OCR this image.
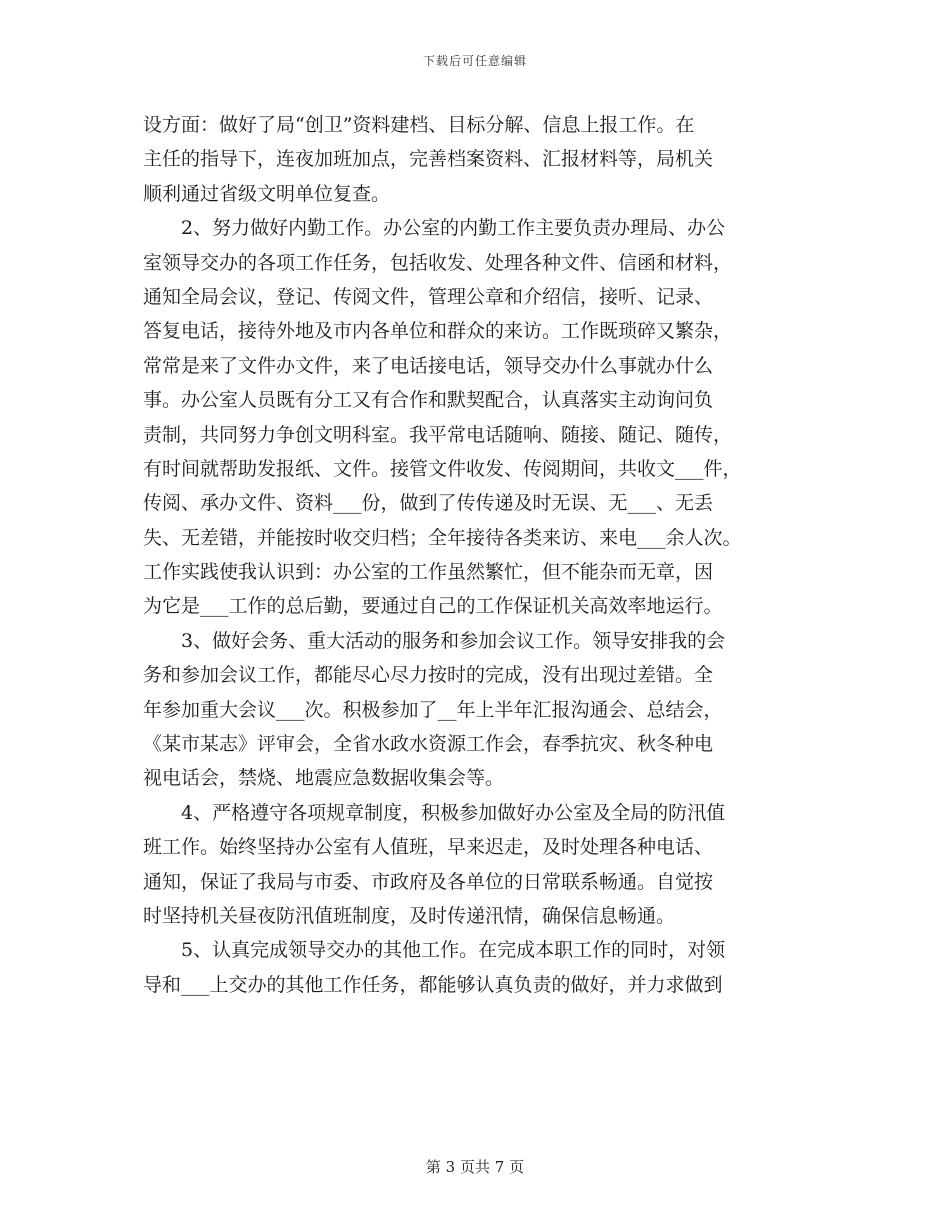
下载后可任意编辑
设方面：做好了局“创卫”资料建档、目标分解、信息上报工作。在
主任的指导下，连夜加班加点，完善档案资料、汇报材料等，局机关
顺利通过省级文明单位复查。
2、努力做好内勤工作。办公室的内勤工作主要负责办理局、办公
室领导交办的各项工作任务，包括收发、处理各种文件、信函和材料，
通知全局会议，登记、传阅文件，管理公章和介绍信，接听、记录、
答复电话，接待外地及市内各单位和群众的来访。工作既琐碎又繁杂，
常常是来了文件办文件，来了电话接电话，领导交办什么事就办什么
事。办公室人员既有分工又有合作和默契配合，认真落实主动询问负
责制，共同努力争创文明科室。我平常电话随响、随接、随记、随传，
有时间就帮助发报纸、文件。接管文件收发、传阅期间，共收文___件，
传阅、承办文件、资料___份，做到了传传递及时无误、无___、无丢
失、无差错，并能按时收交归档；全年接待各类来访、来电___余人次。
工作实践使我认识到：办公室的工作虽然繁忙，但不能杂而无章，因
为它是___工作的总后勤，要通过自己的工作保证机关高效率地运行。
3、做好会务、重大活动的服务和参加会议工作。领导安排我的会
务和参加会议工作，都能尽心尽力按时的完成，没有出现过差错。全
年参加重大会议___次。积极参加了__年上半年汇报沟通会、总结会，
《某市某志》评审会，全省水政水资源工作会，春季抗灾、秋冬种电
视电话会，禁烧、地震应急数据收集会等。
4、严格遵守各项规章制度，积极参加做好办公室及全局的防汛值
班工作。始终坚持办公室有人值班，早来迟走，及时处理各种电话、
通知，保证了我局与市委、市政府及各单位的日常联系畅通。自觉按
时坚持机关昼夜防汛值班制度，及时传递汛情，确保信息畅通。
5、认真完成领导交办的其他工作。在完成本职工作的同时，对领
导和___上交办的其他工作任务，都能够认真负责的做好，并力求做到
第 3 页共 7 页
